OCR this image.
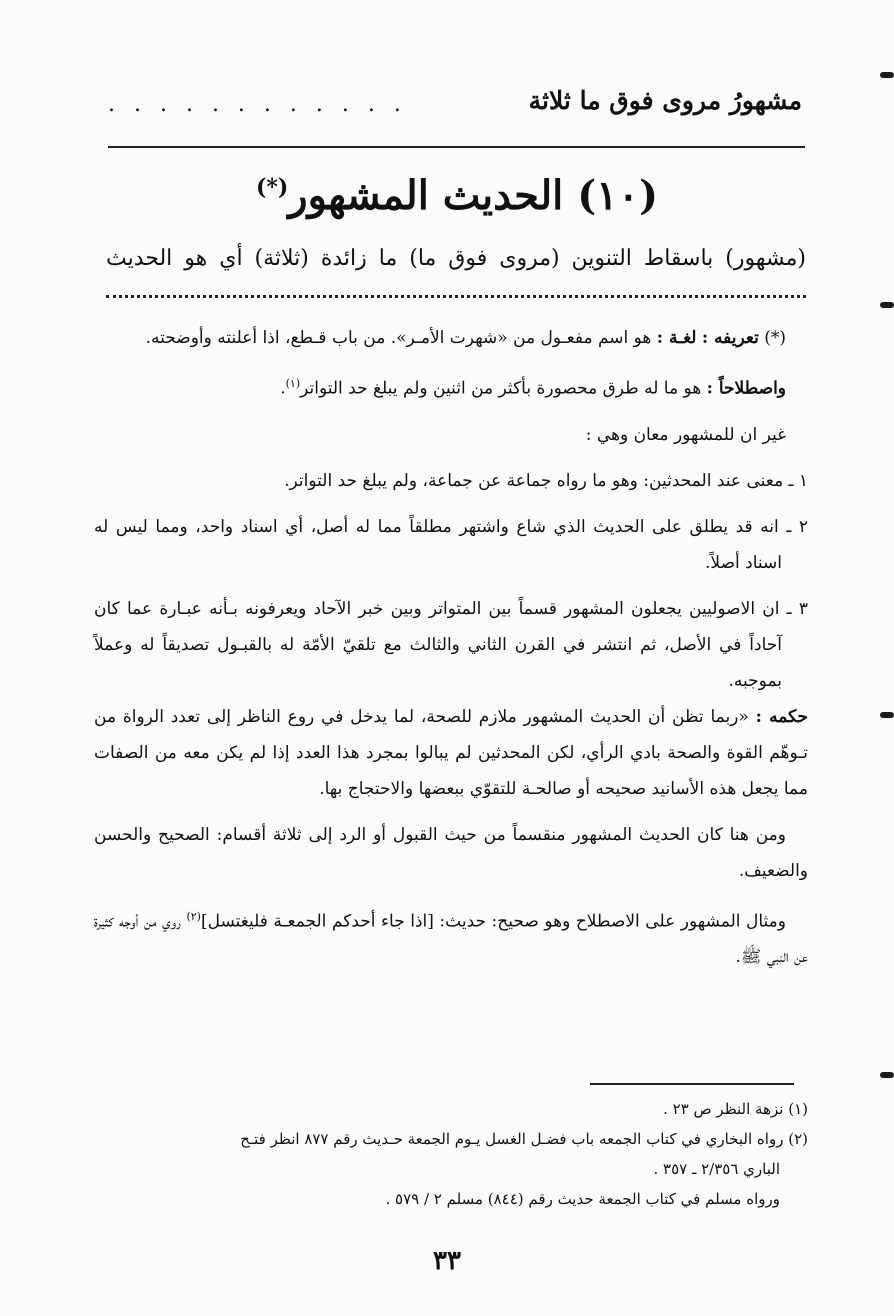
مشهورُ مروى فوق ما ثلاثة
. . . . . . . . . . . .
(١٠) الحديث المشهور(*)
(مشهور) باسقاط التنوين (مروى فوق ما) ما زائدة (ثلاثة) أي هو الحديث

(*) تعريفه : لغـة : هو اسم مفعـول من «شهرت الأمـر». من باب قـطع، اذا أعلنته وأوضحته.

واصطلاحاً : هو ما له طرق محصورة بأكثر من اثنين ولم يبلغ حد التواتر$^{(١)}$.

غير ان للمشهور معان وهي :

١ ـ معنى عند المحدثين: وهو ما رواه جماعة عن جماعة، ولم يبلغ حد التواتر.

٢ ـ انه قد يطلق على الحديث الذي شاع واشتهر مطلقاً مما له أصل، أي اسناد واحد، ومما ليس له اسناد أصلاً.

٣ ـ ان الاصوليين يجعلون المشهور قسماً بين المتواتر وبين خبر الآحاد ويعرفونه بـأنه عبـارة عما كان آحاداً في الأصل، ثم انتشر في القرن الثاني والثالث مع تلقيّ الأمّة له بالقبـول تصديقاً له وعملاً بموجبه.

حكمه : «ربما تظن أن الحديث المشهور ملازم للصحة، لما يدخل في روع الناظر إلى تعدد الرواة من تـوهّم القوة والصحة بادي الرأي، لكن المحدثين لم يبالوا بمجرد هذا العدد إذا لم يكن معه من الصفات مما يجعل هذه الأسانيد صحيحه أو صالحـة للتقوّي ببعضها والاحتجاج بها.

ومن هنا كان الحديث المشهور منقسماً من حيث القبول أو الرد إلى ثلاثة أقسام: الصحيح والحسن والضعيف.

ومثال المشهور على الاصطلاح وهو صحيح: حديث: [اذا جاء أحدكم الجمعـة فليغتسل]$^{(٢)}$ روي من أوجه كثيرة عن النبي ﷺ.

(١) نزهة النظر ص ٢٣ .

(٢) رواه البخاري في كتاب الجمعه باب فضـل الغسل يـوم الجمعة حـديث رقم ٨٧٧ انظر فتـح

الباري ٢/٣٥٦ ـ ٣٥٧ .

ورواه مسلم في كتاب الجمعة حديث رقم (٨٤٤) مسلم ٢ / ٥٧٩ .

٣٣
